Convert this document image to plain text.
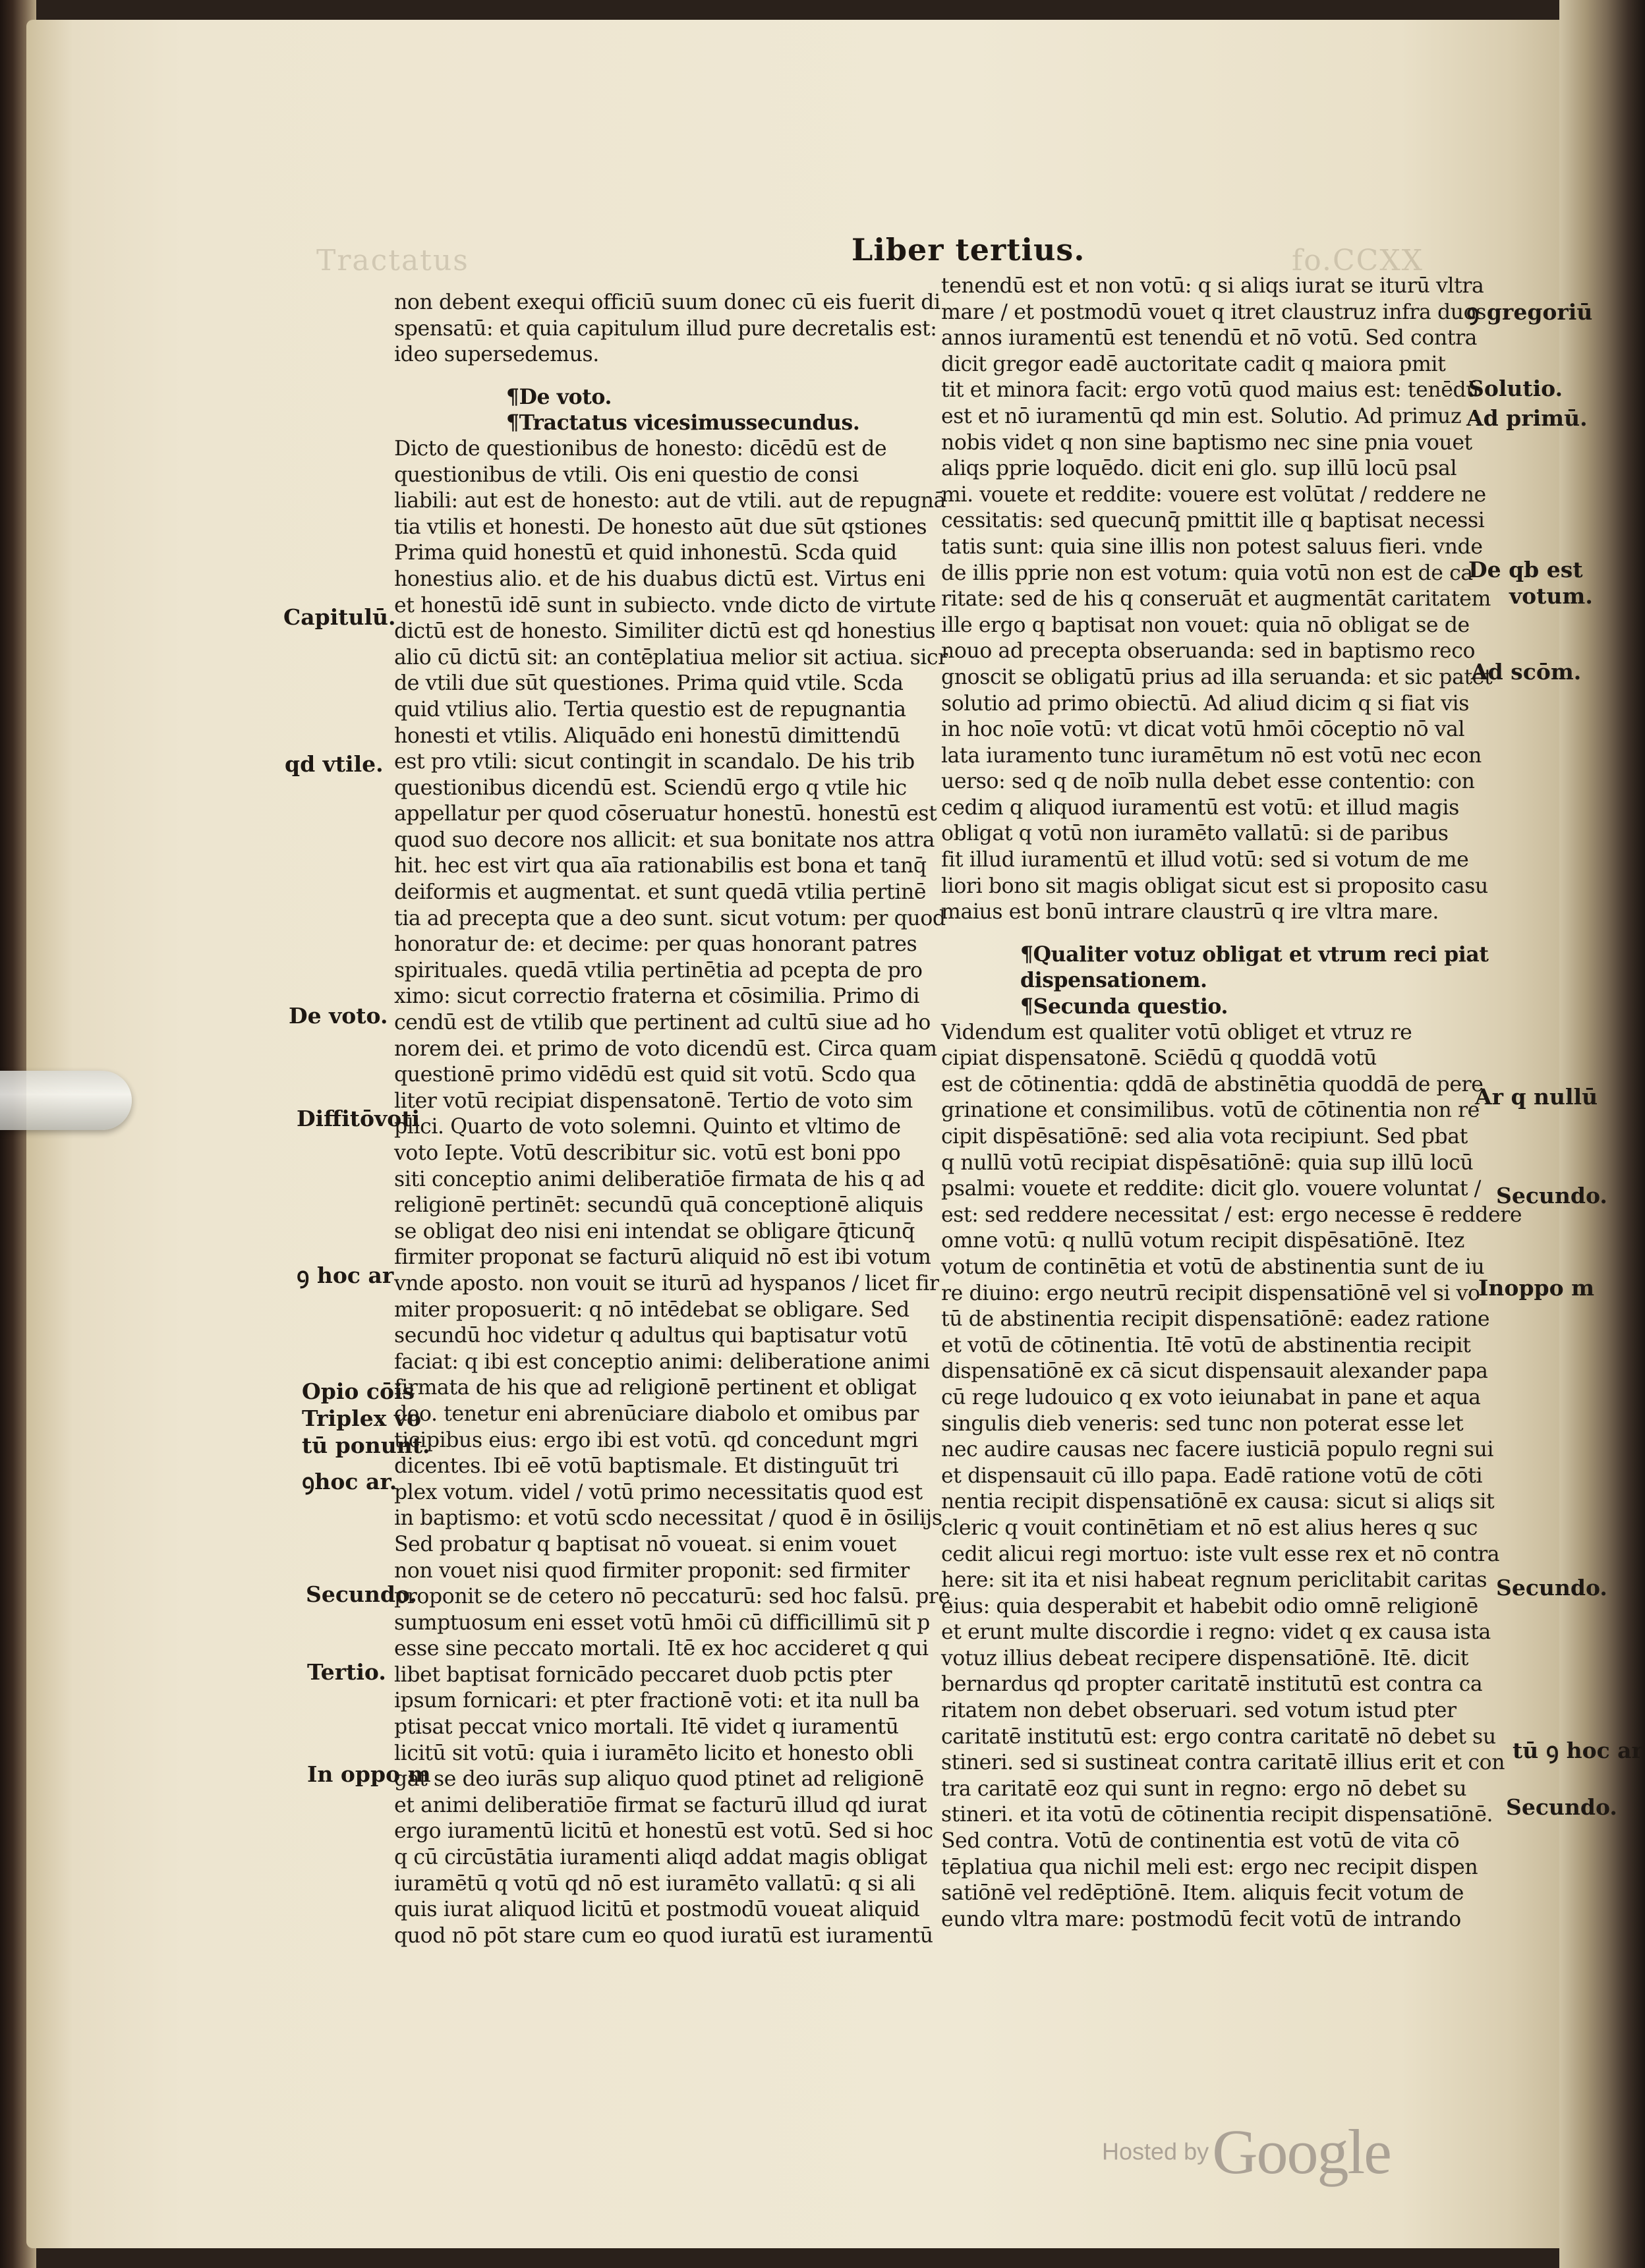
Tractatus	fo.CCXX
Liber tertius.

non debent exequi officiū suum donec cū eis fuerit di

spensatū: et quia capitulum illud pure decretalis est:

ideo supersedemus.

¶De voto.

¶Tractatus vicesimussecundus.

Dicto de questionibus de honesto: dicēdū est de

questionibus de vtili. Ois eni questio de consi

liabili: aut est de honesto: aut de vtili. aut de repugnā

tia vtilis et honesti. De honesto aūt due sūt qstiones

Prima quid honestū et quid inhonestū. Scda quid

honestius alio. et de his duabus dictū est. Virtus eni

et honestū idē sunt in subiecto. vnde dicto de virtute

dictū est de honesto. Similiter dictū est qd honestius

alio cū dictū sit: an contēplatiua melior sit actiua. sicr

de vtili due sūt questiones. Prima quid vtile. Scda

quid vtilius alio. Tertia questio est de repugnantia

honesti et vtilis. Aliquādo eni honestū dimittendū

est pro vtili: sicut contingit in scandalo. De his trib

questionibus dicendū est. Sciendū ergo q vtile hic

appellatur per quod cōseruatur honestū. honestū est

quod suo decore nos allicit: et sua bonitate nos attra

hit. hec est virt qua aīa rationabilis est bona et tanq̄

deiformis et augmentat. et sunt quedā vtilia pertinē

tia ad precepta que a deo sunt. sicut votum: per quod

honoratur de: et decime: per quas honorant patres

spirituales. quedā vtilia pertinētia ad pcepta de pro

ximo: sicut correctio fraterna et cōsimilia. Primo di

cendū est de vtilib que pertinent ad cultū siue ad ho

norem dei. et primo de voto dicendū est. Circa quam

questionē primo vidēdū est quid sit votū. Scdo qua

liter votū recipiat dispensatonē. Tertio de voto sim

plici. Quarto de voto solemni. Quinto et vltimo de

voto Iepte. Votū describitur sic. votū est boni ppo

siti conceptio animi deliberatiōe firmata de his q ad

religionē pertinēt: secundū quā conceptionē aliquis

se obligat deo nisi eni intendat se obligare q̄ticunq̄

firmiter proponat se facturū aliquid nō est ibi votum

vnde aposto. non vouit se iturū ad hyspanos / licet fir

miter proposuerit: q nō intēdebat se obligare. Sed

secundū hoc videtur q adultus qui baptisatur votū

faciat: q ibi est conceptio animi: deliberatione animi

firmata de his que ad religionē pertinent et obligat

deo. tenetur eni abrenūciare diabolo et omibus par

ticipibus eius: ergo ibi est votū. qd concedunt mgri

dicentes. Ibi eē votū baptismale. Et distinguūt tri

plex votum. videl / votū primo necessitatis quod est

in baptismo: et votū scdo necessitat / quod ē in ōsilijs

Sed probatur q baptisat nō voueat. si enim vouet

non vouet nisi quod firmiter proponit: sed firmiter

proponit se de cetero nō peccaturū: sed hoc falsū. pre

sumptuosum eni esset votū hmōi cū difficillimū sit p

esse sine peccato mortali. Itē ex hoc accideret q qui

libet baptisat fornicādo peccaret duob pctis pter

ipsum fornicari: et pter fractionē voti: et ita null ba

ptisat peccat vnico mortali. Itē videt q iuramentū

licitū sit votū: quia i iuramēto licito et honesto obli

gat se deo iurās sup aliquo quod ptinet ad religionē

et animi deliberatiōe firmat se facturū illud qd iurat

ergo iuramentū licitū et honestū est votū. Sed si hoc

q cū circūstātia iuramenti aliqd addat magis obligat

iuramētū q votū qd nō est iuramēto vallatū: q si ali

quis iurat aliquod licitū et postmodū voueat aliquid

quod nō pōt stare cum eo quod iuratū est iuramentū

tenendū est et non votū: q si aliqs iurat se iturū vltra

mare / et postmodū vouet q itret claustruz infra duos

annos iuramentū est tenendū et nō votū. Sed contra

dicit gregor eadē auctoritate cadit q maiora pmit

tit et minora facit: ergo votū quod maius est: tenēdū

est et nō iuramentū qd min est. Solutio. Ad primuz

nobis videt q non sine baptismo nec sine pnia vouet

aliqs pprie loquēdo. dicit eni glo. sup illū locū psal

mi. vouete et reddite: vouere est volūtat / reddere ne

cessitatis: sed quecunq̄ pmittit ille q baptisat necessi

tatis sunt: quia sine illis non potest saluus fieri. vnde

de illis pprie non est votum: quia votū non est de ca

ritate: sed de his q conseruāt et augmentāt caritatem

ille ergo q baptisat non vouet: quia nō obligat se de

nouo ad precepta obseruanda: sed in baptismo reco

gnoscit se obligatū prius ad illa seruanda: et sic patet

solutio ad primo obiectū. Ad aliud dicim q si fiat vis

in hoc noīe votū: vt dicat votū hmōi cōceptio nō val

lata iuramento tunc iuramētum nō est votū nec econ

uerso: sed q de noīb nulla debet esse contentio: con

cedim q aliquod iuramentū est votū: et illud magis

obligat q votū non iuramēto vallatū: si de paribus

fit illud iuramentū et illud votū: sed si votum de me

liori bono sit magis obligat sicut est si proposito casu

maius est bonū intrare claustrū q ire vltra mare.

¶Qualiter votuz obligat et vtrum reci piat

dispensationem.

¶Secunda questio.

Videndum est qualiter votū obliget et vtruz re

cipiat dispensatonē. Sciēdū q quoddā votū

est de cōtinentia: qddā de abstinētia quoddā de pere

grinatione et consimilibus. votū de cōtinentia non re

cipit dispēsatiōnē: sed alia vota recipiunt. Sed pbat

q nullū votū recipiat dispēsatiōnē: quia sup illū locū

psalmi: vouete et reddite: dicit glo. vouere voluntat /

est: sed reddere necessitat / est: ergo necesse ē reddere

omne votū: q nullū votum recipit dispēsatiōnē. Itez

votum de continētia et votū de abstinentia sunt de iu

re diuino: ergo neutrū recipit dispensatiōnē vel si vo

tū de abstinentia recipit dispensatiōnē: eadez ratione

et votū de cōtinentia. Itē votū de abstinentia recipit

dispensatiōnē ex cā sicut dispensauit alexander papa

cū rege ludouico q ex voto ieiunabat in pane et aqua

singulis dieb veneris: sed tunc non poterat esse let

nec audire causas nec facere iusticiā populo regni sui

et dispensauit cū illo papa. Eadē ratione votū de cōti

nentia recipit dispensatiōnē ex causa: sicut si aliqs sit

cleric q vouit continētiam et nō est alius heres q suc

cedit alicui regi mortuo: iste vult esse rex et nō contra

here: sit ita et nisi habeat regnum periclitabit caritas

eius: quia desperabit et habebit odio omnē religionē

et erunt multe discordie i regno: videt q ex causa ista

votuz illius debeat recipere dispensatiōnē. Itē. dicit

bernardus qd propter caritatē institutū est contra ca

ritatem non debet obseruari. sed votum istud pter

caritatē institutū est: ergo contra caritatē nō debet su

stineri. sed si sustineat contra caritatē illius erit et con

tra caritatē eoz qui sunt in regno: ergo nō debet su

stineri. et ita votū de cōtinentia recipit dispensatiōnē.

Sed contra. Votū de continentia est votū de vita cō

tēplatiua qua nichil meli est: ergo nec recipit dispen

satiōnē vel redēptiōnē. Item. aliquis fecit votum de

eundo vltra mare: postmodū fecit votū de intrando

Capitulū.
qd vtile.
De voto.
Diffitōvoti
ꝯ hoc ar
Opio cōis
Triplex vo
tū ponunt.
ꝯhoc ar.
Secundo.
Tertio.
In oppo m
ꝯ gregoriū
Solutio.
Ad primū.
De qb est
votum.
Ad scōm.
Ar q nullū
Secundo.
Inoppo m
Secundo.
tū ꝯ hoc ar
Secundo.
Hosted by Google
